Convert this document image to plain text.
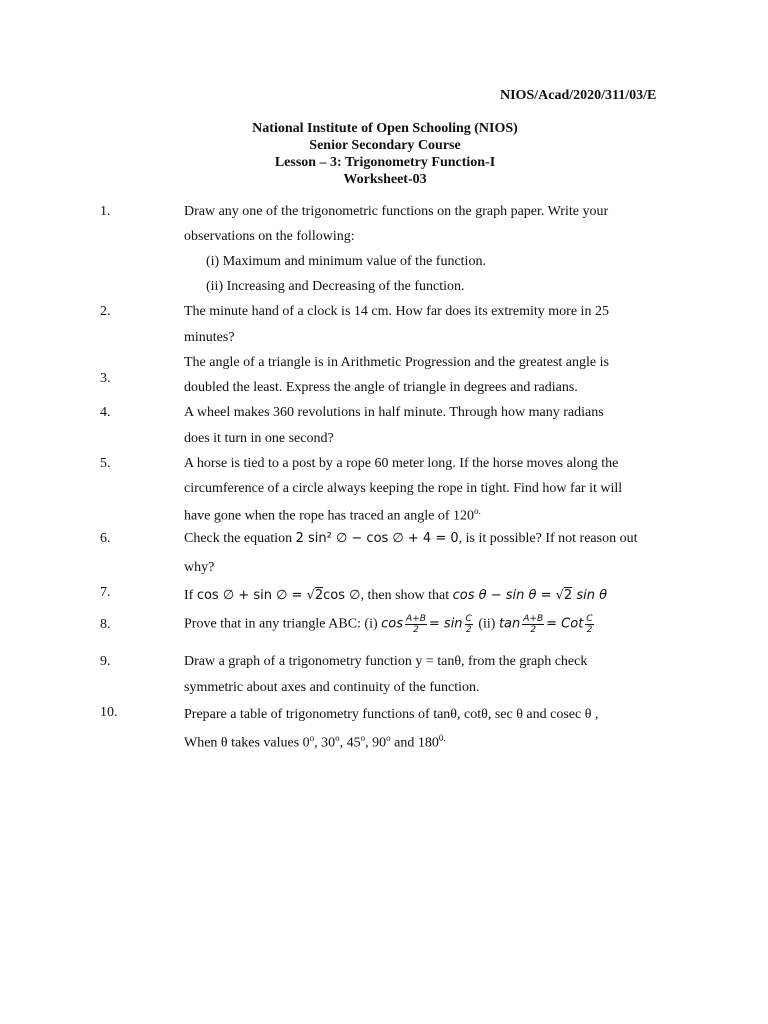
NIOS/Acad/2020/311/03/E
National Institute of Open Schooling (NIOS)
Senior Secondary Course
Lesson – 3: Trigonometry Function-I
Worksheet-03
1.	Draw any one of the trigonometric functions on the graph paper. Write your
observations on the following:
(i) Maximum and minimum value of the function.
(ii) Increasing and Decreasing of the function.
2.	The minute hand of a clock is 14 cm. How far does its extremity more in 25
minutes?
The angle of a triangle is in Arithmetic Progression and the greatest angle is
3.
doubled the least. Express the angle of triangle in degrees and radians.
4.	A wheel makes 360 revolutions in half minute. Through how many radians
does it turn in one second?
5.	A horse is tied to a post by a rope 60 meter long. If the horse moves along the
circumference of a circle always keeping the rope in tight. Find how far it will
have gone when the rope has traced an angle of $120^{o.}$
6.	Check the equation 2 sin² ∅ − cos ∅ + 4 = 0, is it possible? If not reason out
why?
7.	If cos ∅ + sin ∅ = √2cos ∅, then show that cos θ − sin θ = √2 sin θ
8.	Prove that in any triangle ABC: (i) $\cos \frac{A+B}{2} = \sin \frac{C}{2} (ii)$ $\tan \frac{A+B}{2}$ = Cot $\frac{C}{2}$
9.	Draw a graph of a trigonometry function y = tanθ, from the graph check
symmetric about axes and continuity of the function.
10.	Prepare a table of trigonometry functions of tanθ, cotθ, sec θ and cosec θ ,
When θ takes values 0$^o$, 30$^o$, 45$^o$, 90$^o$ and $180^{0.}$
